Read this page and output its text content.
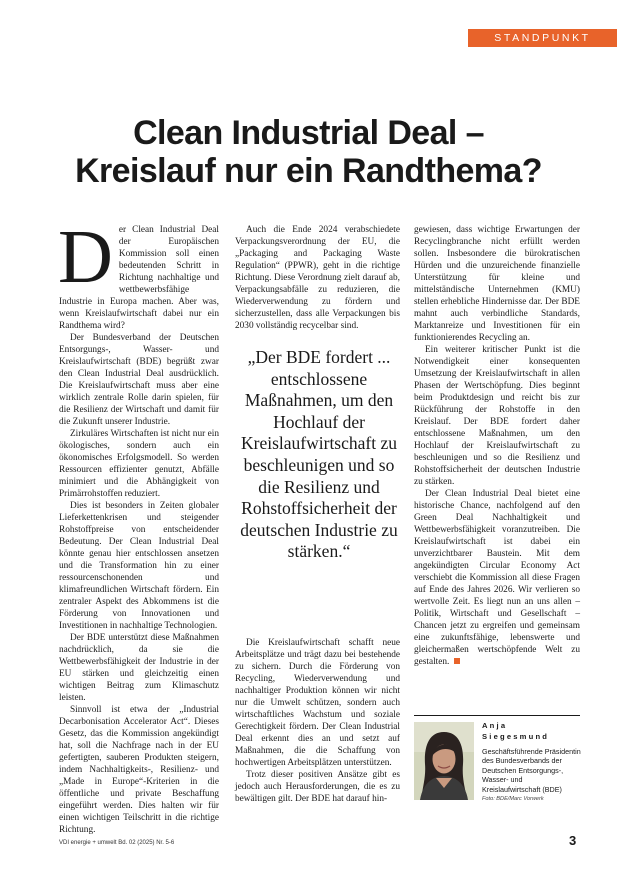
STANDPUNKT
Clean Industrial Deal –
Kreislauf nur ein Randthema?

Der Clean Industrial Deal der Europäischen Kommission soll einen bedeutenden Schritt in Richtung nachhaltige und wettbewerbsfähige Industrie in Europa machen. Aber was, wenn Kreislaufwirtschaft dabei nur ein Randthema wird?

Der Bundesverband der Deutschen Entsorgungs-, Wasser- und Kreislaufwirtschaft (BDE) begrüßt zwar den Clean Industrial Deal ausdrücklich. Die Kreislaufwirtschaft muss aber eine wirklich zentrale Rolle darin spielen, für die Resilienz der Wirtschaft und damit für die Zukunft unserer Industrie.

Zirkuläres Wirtschaften ist nicht nur ein ökologisches, sondern auch ein ökonomisches Erfolgsmodell. So werden Ressourcen effizienter genutzt, Abfälle minimiert und die Abhängigkeit von Primärrohstoffen reduziert.

Dies ist besonders in Zeiten globaler Lieferkettenkrisen und steigender Rohstoffpreise von entscheidender Bedeutung. Der Clean Industrial Deal könnte genau hier entschlossen ansetzen und die Transformation hin zu einer ressourcenschonenden und klimafreundlichen Wirtschaft fördern. Ein zentraler Aspekt des Abkommens ist die Förderung von Innovationen und Investitionen in nachhaltige Technologien.

Der BDE unterstützt diese Maßnahmen nachdrücklich, da sie die Wettbewerbsfähigkeit der Industrie in der EU stärken und gleichzeitig einen wichtigen Beitrag zum Klimaschutz leisten.

Sinnvoll ist etwa der „Industrial Decarbonisation Accelerator Act“. Dieses Gesetz, das die Kommission angekündigt hat, soll die Nachfrage nach in der EU gefertigten, sauberen Produkten steigern, indem Nachhaltigkeits-, Resilienz- und „Made in Europe“-Kriterien in die öffentliche und private Beschaffung eingeführt werden. Dies halten wir für einen wichtigen Teilschritt in die richtige Richtung.

Auch die Ende 2024 verabschiedete Verpackungsverordnung der EU, die „Packaging and Packaging Waste Regulation“ (PPWR), geht in die richtige Richtung. Diese Verordnung zielt darauf ab, Verpackungsabfälle zu reduzieren, die Wiederverwendung zu fördern und sicherzustellen, dass alle Verpackungen bis 2030 vollständig recycelbar sind.

„Der BDE fordert ... entschlossene Maßnahmen, um den Hochlauf der Kreislaufwirtschaft zu beschleunigen und so die Resilienz und Rohstoffsicherheit der deutschen Industrie zu stärken.“

Die Kreislaufwirtschaft schafft neue Arbeitsplätze und trägt dazu bei bestehende zu sichern. Durch die Förderung von Recycling, Wiederverwendung und nachhaltiger Produktion können wir nicht nur die Umwelt schützen, sondern auch wirtschaftliches Wachstum und soziale Gerechtigkeit fördern. Der Clean Industrial Deal erkennt dies an und setzt auf Maßnahmen, die die Schaffung von hochwertigen Arbeitsplätzen unterstützen.

Trotz dieser positiven Ansätze gibt es jedoch auch Herausforderungen, die es zu bewältigen gilt. Der BDE hat darauf hin-

gewiesen, dass wichtige Erwartungen der Recyclingbranche nicht erfüllt werden sollen. Insbesondere die bürokratischen Hürden und die unzureichende finanzielle Unterstützung für kleine und mittelständische Unternehmen (KMU) stellen erhebliche Hindernisse dar. Der BDE mahnt auch verbindliche Standards, Marktanreize und Investitionen für ein funktionierendes Recycling an.

Ein weiterer kritischer Punkt ist die Notwendigkeit einer konsequenten Umsetzung der Kreislaufwirtschaft in allen Phasen der Wertschöpfung. Dies beginnt beim Produktdesign und reicht bis zur Rückführung der Rohstoffe in den Kreislauf. Der BDE fordert daher entschlossene Maßnahmen, um den Hochlauf der Kreislaufwirtschaft zu beschleunigen und so die Resilienz und Rohstoffsicherheit der deutschen Industrie zu stärken.

Der Clean Industrial Deal bietet eine historische Chance, nachfolgend auf den Green Deal Nachhaltigkeit und Wettbewerbsfähigkeit voranzutreiben. Die Kreislaufwirtschaft ist dabei ein unverzichtbarer Baustein. Mit dem angekündigten Circular Economy Act verschiebt die Kommission all diese Fragen auf Ende des Jahres 2026. Wir verlieren so wertvolle Zeit. Es liegt nun an uns allen – Politik, Wirtschaft und Gesellschaft – Chancen jetzt zu ergreifen und gemeinsam eine zukunftsfähige, lebenswerte und gleichermaßen wertschöpfende Welt zu gestalten.

Anja
Siegesmund
Geschäftsführende Präsidentin des Bundesverbands der Deutschen Entsorgungs-, Wasser- und Kreislaufwirtschaft (BDE)
Foto: BDE/Marc Vorwerk
VDI energie + umwelt Bd. 02 (2025) Nr. 5-6	3
